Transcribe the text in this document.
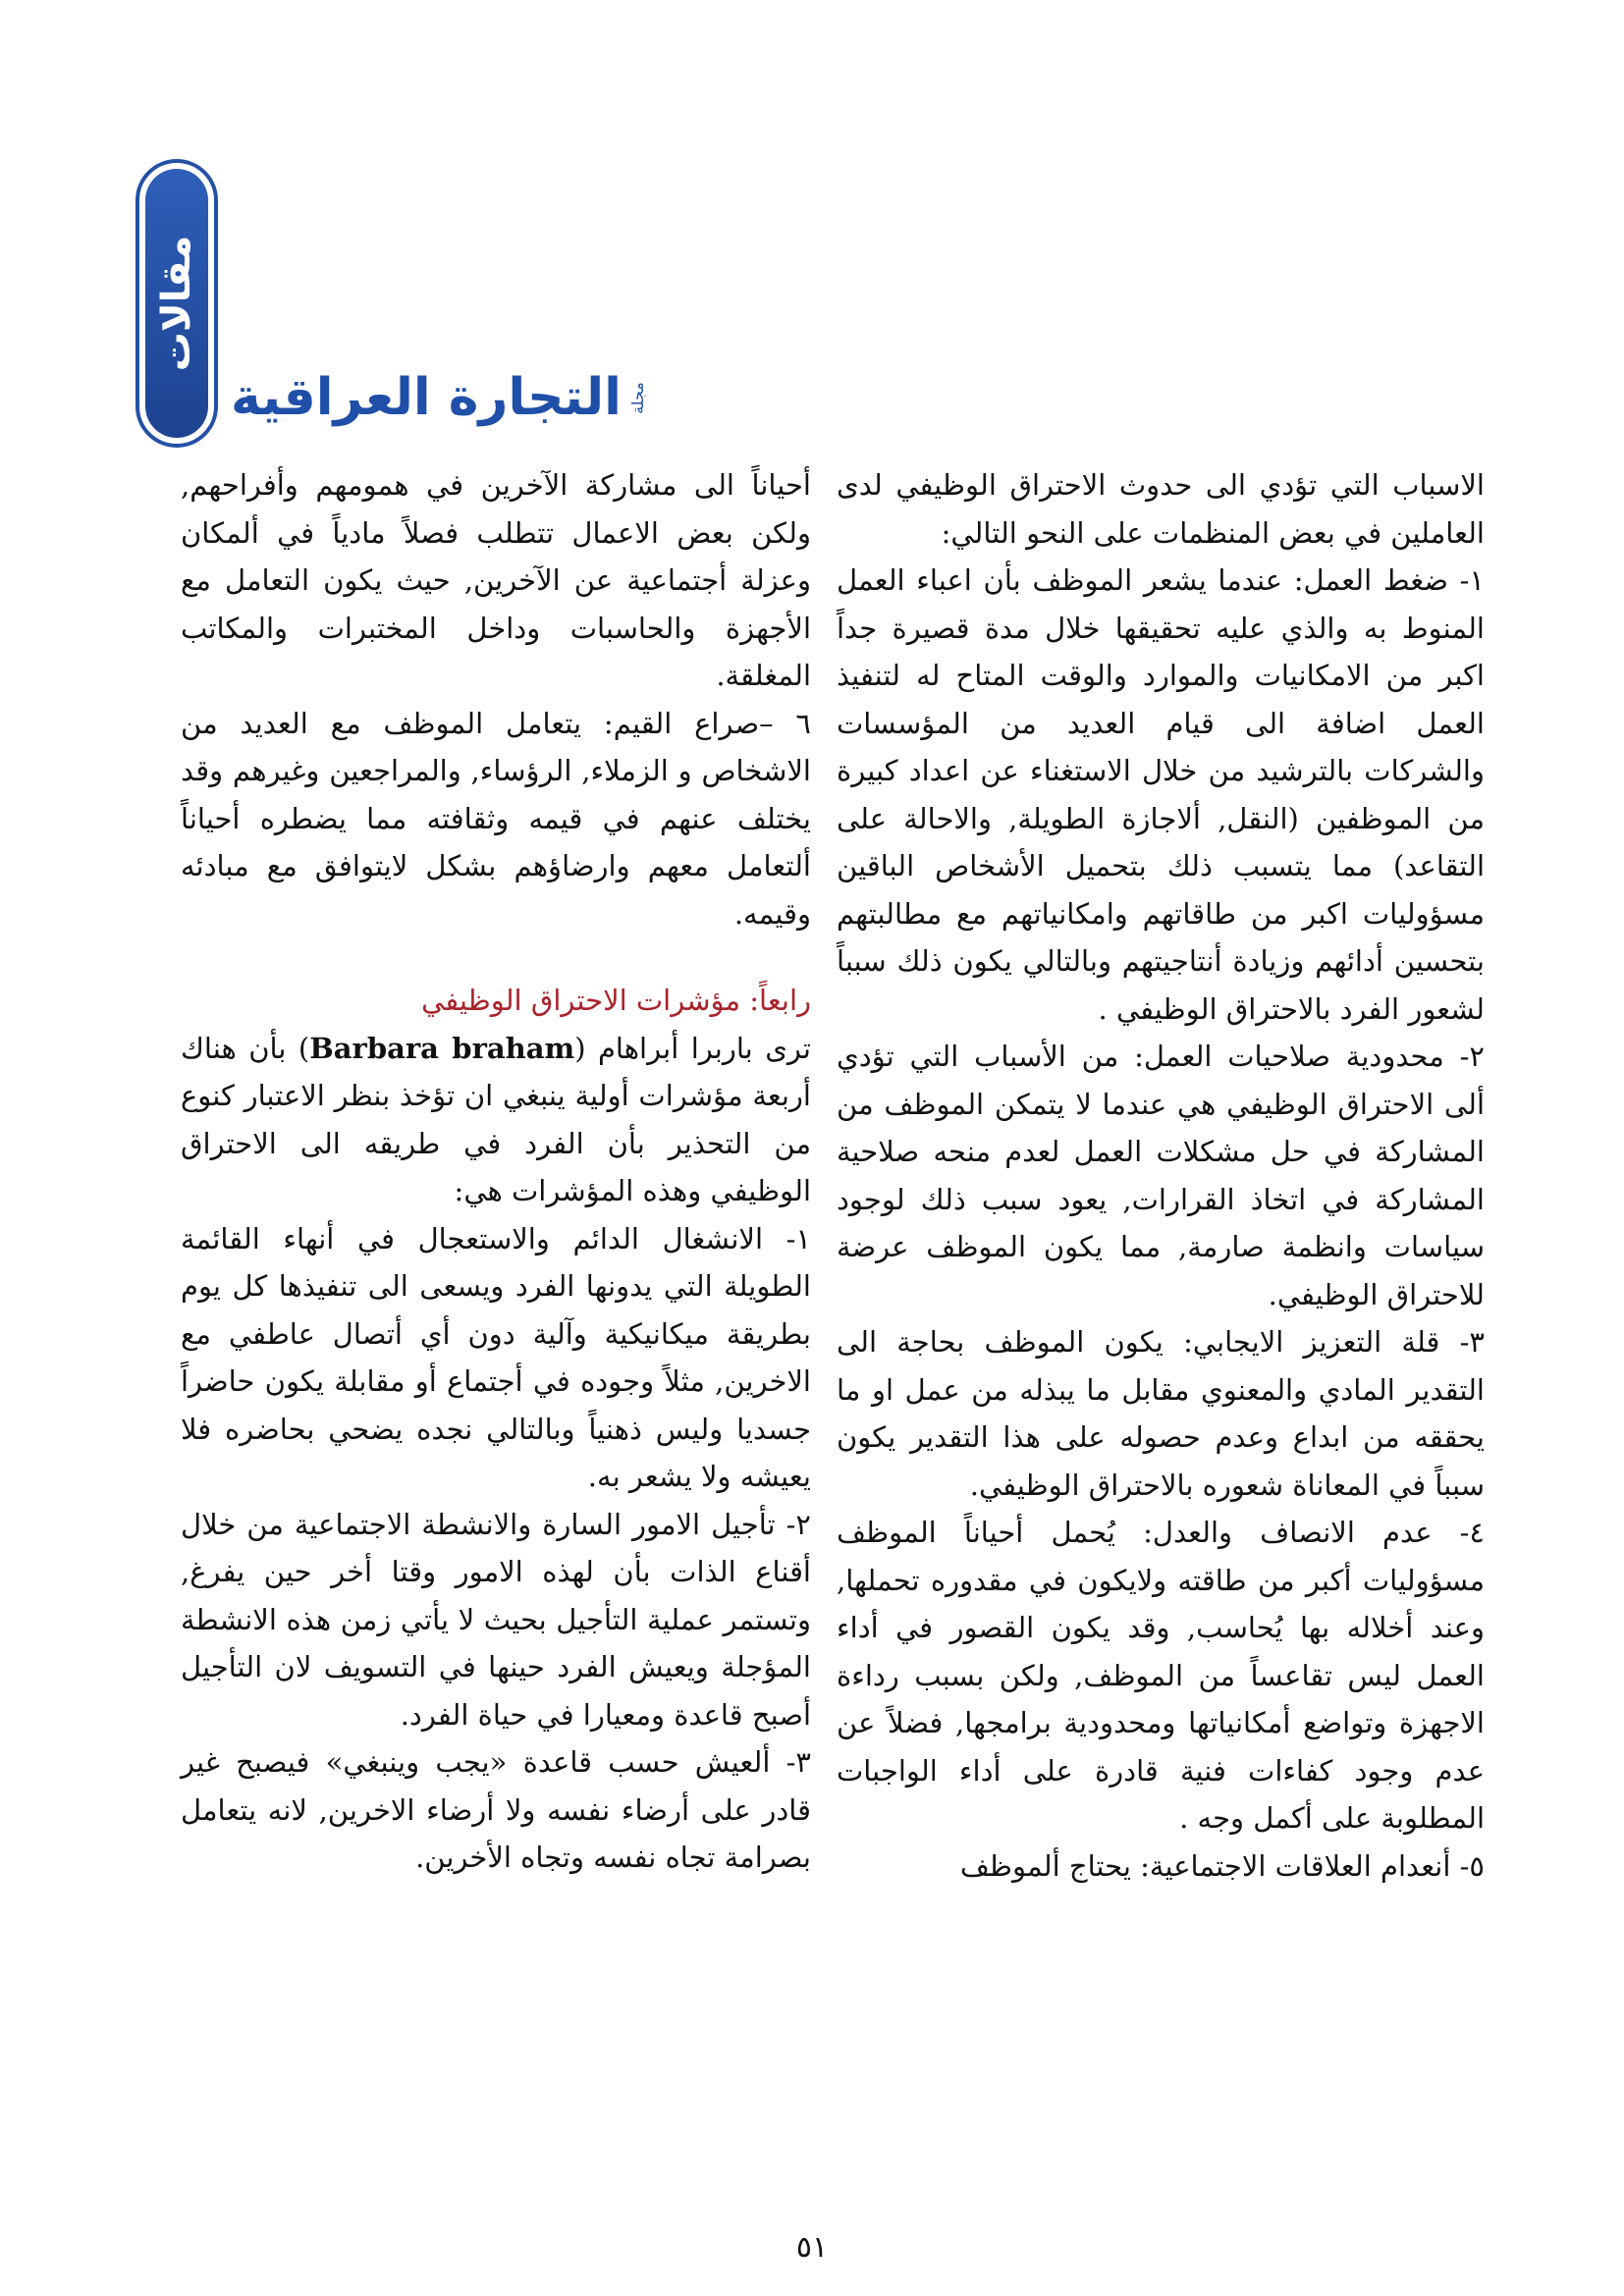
مقالات
مجلة
التجارة العراقية

الاسباب التي تؤدي الى حدوث الاحتراق الوظيفي لدى العاملين في بعض المنظمات على النحو التالي:

١- ضغط العمل: عندما يشعر الموظف بأن اعباء العمل المنوط به والذي عليه تحقيقها خلال مدة قصيرة جداً اكبر من الامكانيات والموارد والوقت المتاح له لتنفيذ العمل اضافة الى قيام العديد من المؤسسات والشركات بالترشيد من خلال الاستغناء عن اعداد كبيرة من الموظفين (النقل, ألاجازة الطويلة, والاحالة على التقاعد) مما يتسبب ذلك بتحميل الأشخاص الباقين مسؤوليات اكبر من طاقاتهم وامكانياتهم مع مطالبتهم بتحسين أدائهم وزيادة أنتاجيتهم وبالتالي يكون ذلك سبباً لشعور الفرد بالاحتراق الوظيفي .

٢- محدودية صلاحيات العمل: من الأسباب التي تؤدي ألى الاحتراق الوظيفي هي عندما لا يتمكن الموظف من المشاركة في حل مشكلات العمل لعدم منحه صلاحية المشاركة في اتخاذ القرارات, يعود سبب ذلك لوجود سياسات وانظمة صارمة, مما يكون الموظف عرضة للاحتراق الوظيفي.

٣- قلة التعزيز الايجابي: يكون الموظف بحاجة الى التقدير المادي والمعنوي مقابل ما يبذله من عمل او ما يحققه من ابداع وعدم حصوله على هذا التقدير يكون سبباً في المعاناة شعوره بالاحتراق الوظيفي.

٤- عدم الانصاف والعدل: يُحمل أحياناً الموظف مسؤوليات أكبر من طاقته ولايكون في مقدوره تحملها, وعند أخلاله بها يُحاسب, وقد يكون القصور في أداء العمل ليس تقاعساً من الموظف, ولكن بسبب رداءة الاجهزة وتواضع أمكانياتها ومحدودية برامجها, فضلاً عن عدم وجود كفاءات فنية قادرة على أداء الواجبات المطلوبة على أكمل وجه .

٥- أنعدام العلاقات الاجتماعية: يحتاج ألموظف

أحياناً الى مشاركة الآخرين في همومهم وأفراحهم, ولكن بعض الاعمال تتطلب فصلاً مادياً في ألمكان وعزلة أجتماعية عن الآخرين, حيث يكون التعامل مع الأجهزة والحاسبات وداخل المختبرات والمكاتب المغلقة.

٦ –صراع القيم: يتعامل الموظف مع العديد من الاشخاص و الزملاء, الرؤساء, والمراجعين وغيرهم وقد يختلف عنهم في قيمه وثقافته مما يضطره أحياناً ألتعامل معهم وارضاؤهم بشكل لايتوافق مع مبادئه وقيمه.

رابعاً: مؤشرات الاحتراق الوظيفي

ترى باربرا أبراهام (Barbara braham) بأن هناك أربعة مؤشرات أولية ينبغي ان تؤخذ بنظر الاعتبار كنوع من التحذير بأن الفرد في طريقه الى الاحتراق الوظيفي وهذه المؤشرات هي:

١- الانشغال الدائم والاستعجال في أنهاء القائمة الطويلة التي يدونها الفرد ويسعى الى تنفيذها كل يوم بطريقة ميكانيكية وآلية دون أي أتصال عاطفي مع الاخرين, مثلاً وجوده في أجتماع أو مقابلة يكون حاضراً جسديا وليس ذهنياً وبالتالي نجده يضحي بحاضره فلا يعيشه ولا يشعر به.

٢- تأجيل الامور السارة والانشطة الاجتماعية من خلال أقناع الذات بأن لهذه الامور وقتا أخر حين يفرغ, وتستمر عملية التأجيل بحيث لا يأتي زمن هذه الانشطة المؤجلة ويعيش الفرد حينها في التسويف لان التأجيل أصبح قاعدة ومعيارا في حياة الفرد.

٣- ألعيش حسب قاعدة «يجب وينبغي» فيصبح غير قادر على أرضاء نفسه ولا أرضاء الاخرين, لانه يتعامل بصرامة تجاه نفسه وتجاه الأخرين.

٥١
